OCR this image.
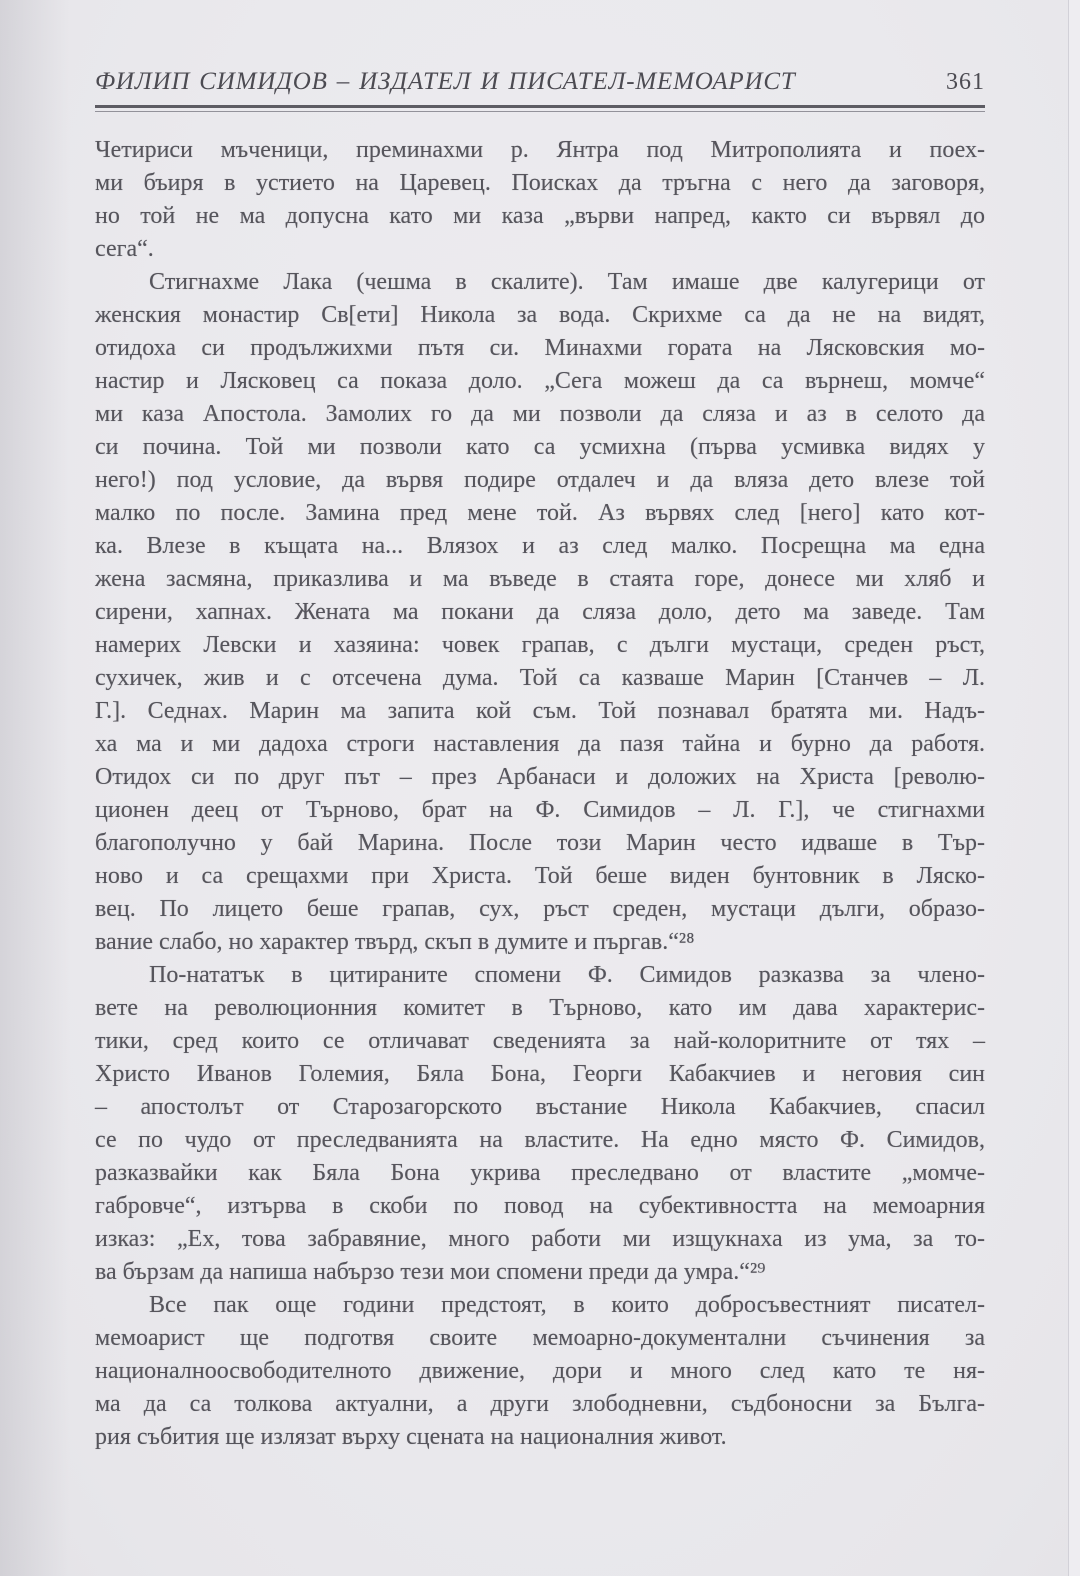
ФИЛИП СИМИДОВ – ИЗДАТЕЛ И ПИСАТЕЛ-МЕМОАРИСТ	361
Четириси мъченици, преминахми р. Янтра под Митрополията и поех-
ми бъиря в устието на Царевец. Поисках да тръгна с него да заговоря,
но той не ма допусна като ми каза „върви напред, както си вървял до
сега“.
Стигнахме Лака (чешма в скалите). Там имаше две калугерици от
женския монастир Св[ети] Никола за вода. Скрихме са да не на видят,
отидоха си продължихми пътя си. Минахми гората на Лясковския мо-
настир и Лясковец са показа доло. „Сега можеш да са върнеш, момче“
ми каза Апостола. Замолих го да ми позволи да сляза и аз в селото да
си почина. Той ми позволи като са усмихна (първа усмивка видях у
него!) под условие, да вървя подире отдалеч и да вляза дето влезе той
малко по после. Замина пред мене той. Аз вървях след [него] като кот-
ка. Влезе в къщата на... Влязох и аз след малко. Посрещна ма една
жена засмяна, приказлива и ма въведе в стаята горе, донесе ми хляб и
сирени, хапнах. Жената ма покани да сляза доло, дето ма заведе. Там
намерих Левски и хазяина: човек грапав, с дълги мустаци, среден ръст,
сухичек, жив и с отсечена дума. Той са казваше Марин [Станчев – Л.
Г.]. Седнах. Марин ма запита кой съм. Той познавал братята ми. Надъ-
ха ма и ми дадоха строги наставления да пазя тайна и бурно да работя.
Отидох си по друг път – през Арбанаси и доложих на Христа [револю-
ционен деец от Търново, брат на Ф. Симидов – Л. Г.], че стигнахми
благополучно у бай Марина. После този Марин често идваше в Тър-
ново и са срещахми при Христа. Той беше виден бунтовник в Ляско-
вец. По лицето беше грапав, сух, ръст среден, мустаци дълги, образо-
вание слабо, но характер твърд, скъп в думите и пъргав.“²⁸
По-нататък в цитираните спомени Ф. Симидов разказва за члено-
вете на революционния комитет в Търново, като им дава характерис-
тики, сред които се отличават сведенията за най-колоритните от тях –
Христо Иванов Големия, Бяла Бона, Георги Кабакчиев и неговия син
– апостолът от Старозагорското въстание Никола Кабакчиев, спасил
се по чудо от преследванията на властите. На едно място Ф. Симидов,
разказвайки как Бяла Бона укрива преследвано от властите „момче-
габровче“, изтърва в скоби по повод на субективността на мемоарния
изказ: „Ех, това забравяние, много работи ми изщукнаха из ума, за то-
ва бързам да напиша набързо тези мои спомени преди да умра.“²⁹
Все пак още години предстоят, в които добросъвестният писател-
мемоарист ще подготвя своите мемоарно-документални съчинения за
националноосвободителното движение, дори и много след като те ня-
ма да са толкова актуални, а други злободневни, съдбоносни за Бълга-
рия събития ще излязат върху сцената на националния живот.
